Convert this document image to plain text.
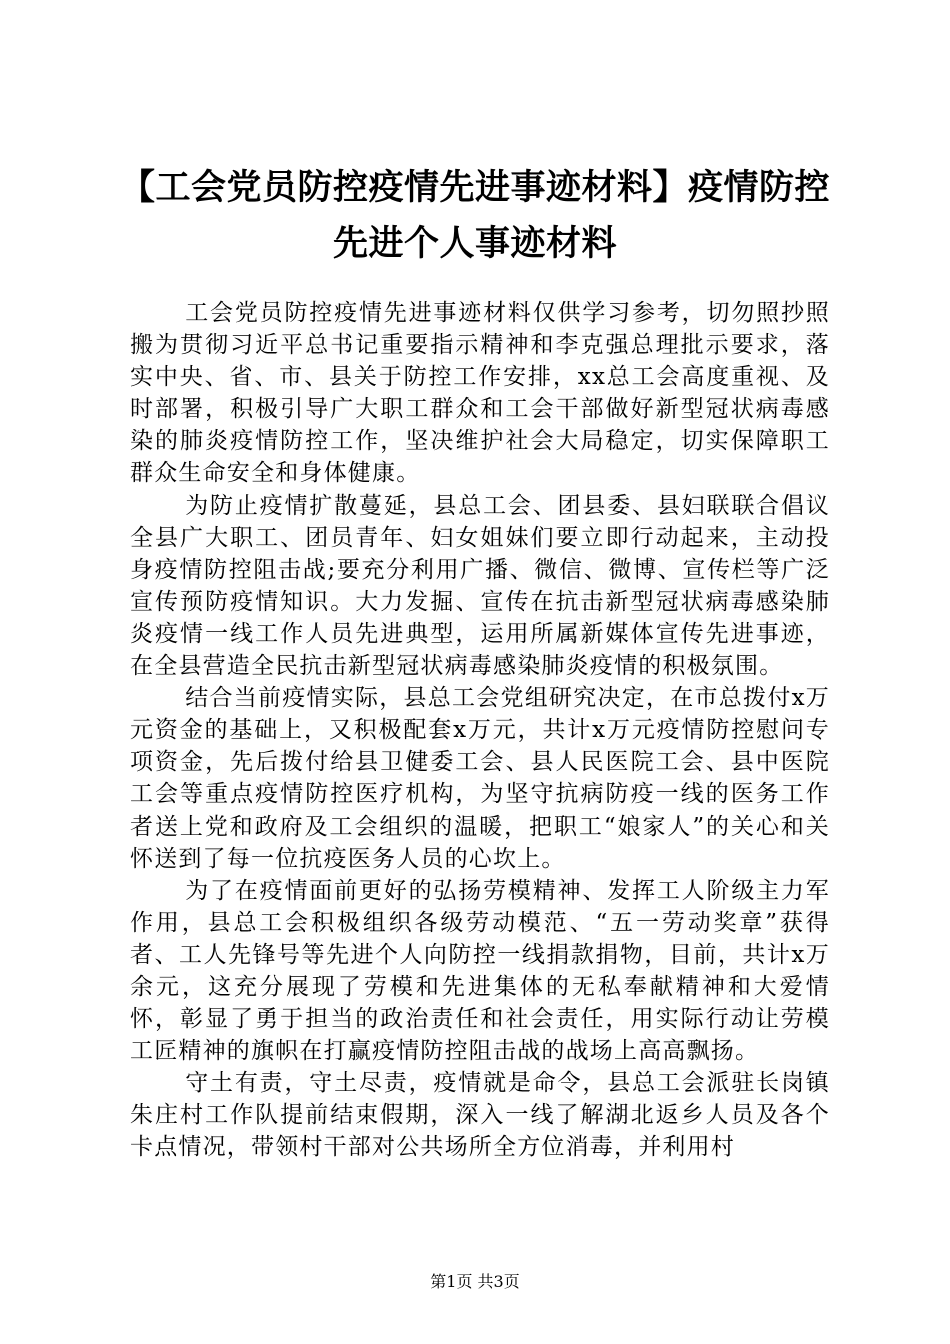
【工会党员防控疫情先进事迹材料】疫情防控
先进个人事迹材料

工会党员防控疫情先进事迹材料仅供学习参考，切勿照抄照搬为贯彻习近平总书记重要指示精神和李克强总理批示要求，落实中央、省、市、县关于防控工作安排，xx总工会高度重视、及时部署，积极引导广大职工群众和工会干部做好新型冠状病毒感染的肺炎疫情防控工作，坚决维护社会大局稳定，切实保障职工群众生命安全和身体健康。

为防止疫情扩散蔓延，县总工会、团县委、县妇联联合倡议全县广大职工、团员青年、妇女姐妹们要立即行动起来，主动投身疫情防控阻击战;要充分利用广播、微信、微博、宣传栏等广泛宣传预防疫情知识。大力发掘、宣传在抗击新型冠状病毒感染肺炎疫情一线工作人员先进典型，运用所属新媒体宣传先进事迹，在全县营造全民抗击新型冠状病毒感染肺炎疫情的积极氛围。

结合当前疫情实际，县总工会党组研究决定，在市总拨付x万元资金的基础上，又积极配套x万元，共计x万元疫情防控慰问专项资金，先后拨付给县卫健委工会、县人民医院工会、县中医院工会等重点疫情防控医疗机构，为坚守抗病防疫一线的医务工作者送上党和政府及工会组织的温暖，把职工“娘家人”的关心和关怀送到了每一位抗疫医务人员的心坎上。

为了在疫情面前更好的弘扬劳模精神、发挥工人阶级主力军作用，县总工会积极组织各级劳动模范、“五一劳动奖章”获得者、工人先锋号等先进个人向防控一线捐款捐物，目前，共计x万余元，这充分展现了劳模和先进集体的无私奉献精神和大爱情怀，彰显了勇于担当的政治责任和社会责任，用实际行动让劳模工匠精神的旗帜在打赢疫情防控阻击战的战场上高高飘扬。

守土有责，守土尽责，疫情就是命令，县总工会派驻长岗镇朱庄村工作队提前结束假期，深入一线了解湖北返乡人员及各个卡点情况，带领村干部对公共场所全方位消毒，并利用村

第1页 共3页
